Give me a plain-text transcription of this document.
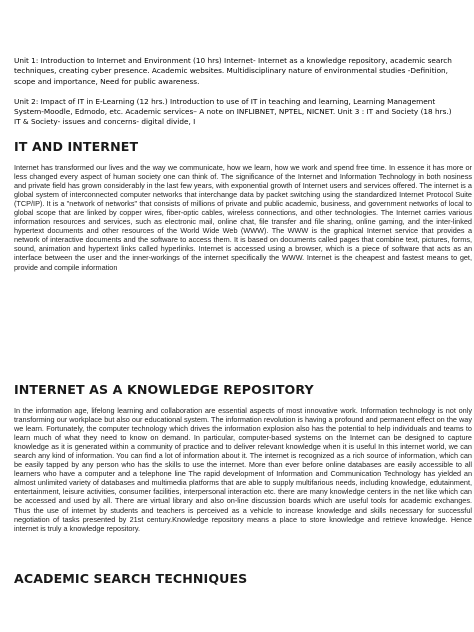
Unit 1: Introduction to Internet and Environment (10 hrs) Internet- Internet as a knowledge repository, academic search techniques, creating cyber presence. Academic websites. Multidisciplinary nature of environmental studies -Definition, scope and importance, Need for public awareness.

Unit 2: Impact of IT in E-Learning (12 hrs.) Introduction to use of IT in teaching and learning, Learning Management System-Moodle, Edmodo, etc. Academic services– A note on INFLIBNET, NPTEL, NICNET. Unit 3 : IT and Society (18 hrs.) IT & Society- issues and concerns- digital divide, I

IT AND INTERNET

Internet has transformed our lives and the way we communicate, how we learn, how we work and spend free time. In essence it has more or less changed every aspect of human society one can think of. The significance of the Internet and Information Technology in both nosiness and private field has grown considerably in the last few years, with exponential growth of Internet users and services offered. The internet is a global system of interconnected computer networks that interchange data by packet switching using the standardized Internet Protocol Suite (TCP/IP). It is a "network of networks" that consists of millions of private and public academic, business, and government networks of local to global scope that are linked by copper wires, fiber-optic cables, wireless connections, and other technologies. The Internet carries various information resources and services, such as electronic mail, online chat, file transfer and file sharing, online gaming, and the inter-linked hypertext documents and other resources of the World Wide Web (WWW). The WWW is the graphical Internet service that provides a network of interactive documents and the software to access them. It is based on documents called pages that combine text, pictures, forms, sound, animation and hypertext links called hyperlinks. Internet is accessed using a browser, which is a piece of software that acts as an interface between the user and the inner-workings of the internet specifically the WWW. Internet is the cheapest and fastest means to get, provide and compile information

INTERNET AS A KNOWLEDGE REPOSITORY

In the information age, lifelong learning and collaboration are essential aspects of most innovative work. Information technology is not only transforming our workplace but also our educational system. The information revolution is having a profound and permanent effect on the way we learn. Fortunately, the computer technology which drives the information explosion also has the potential to help individuals and teams to learn much of what they need to know on demand. In particular, computer-based systems on the Internet can be designed to capture knowledge as it is generated within a community of practice and to deliver relevant knowledge when it is useful In this internet world, we can search any kind of information. You can find a lot of information about it. The internet is recognized as a rich source of information, which can be easily tapped by any person who has the skills to use the internet. More than ever before online databases are easily accessible to all learners who have a computer and a telephone line The rapid development of Information and Communication Technology has yielded an almost unlimited variety of databases and multimedia platforms that are able to supply multifarious needs, including knowledge, edutainment, entertainment, leisure activities, consumer facilities, interpersonal interaction etc. there are many knowledge centers in the net like which can be accessed and used by all. There are virtual library and also on-line discussion boards which are useful tools for academic exchanges. Thus the use of internet by students and teachers is perceived as a vehicle to increase knowledge and skills necessary for successful negotiation of tasks presented by 21st century.Knowledge repository means a place to store knowledge and retrieve knowledge. Hence internet is truly a knowledge repository.

ACADEMIC SEARCH TECHNIQUES
